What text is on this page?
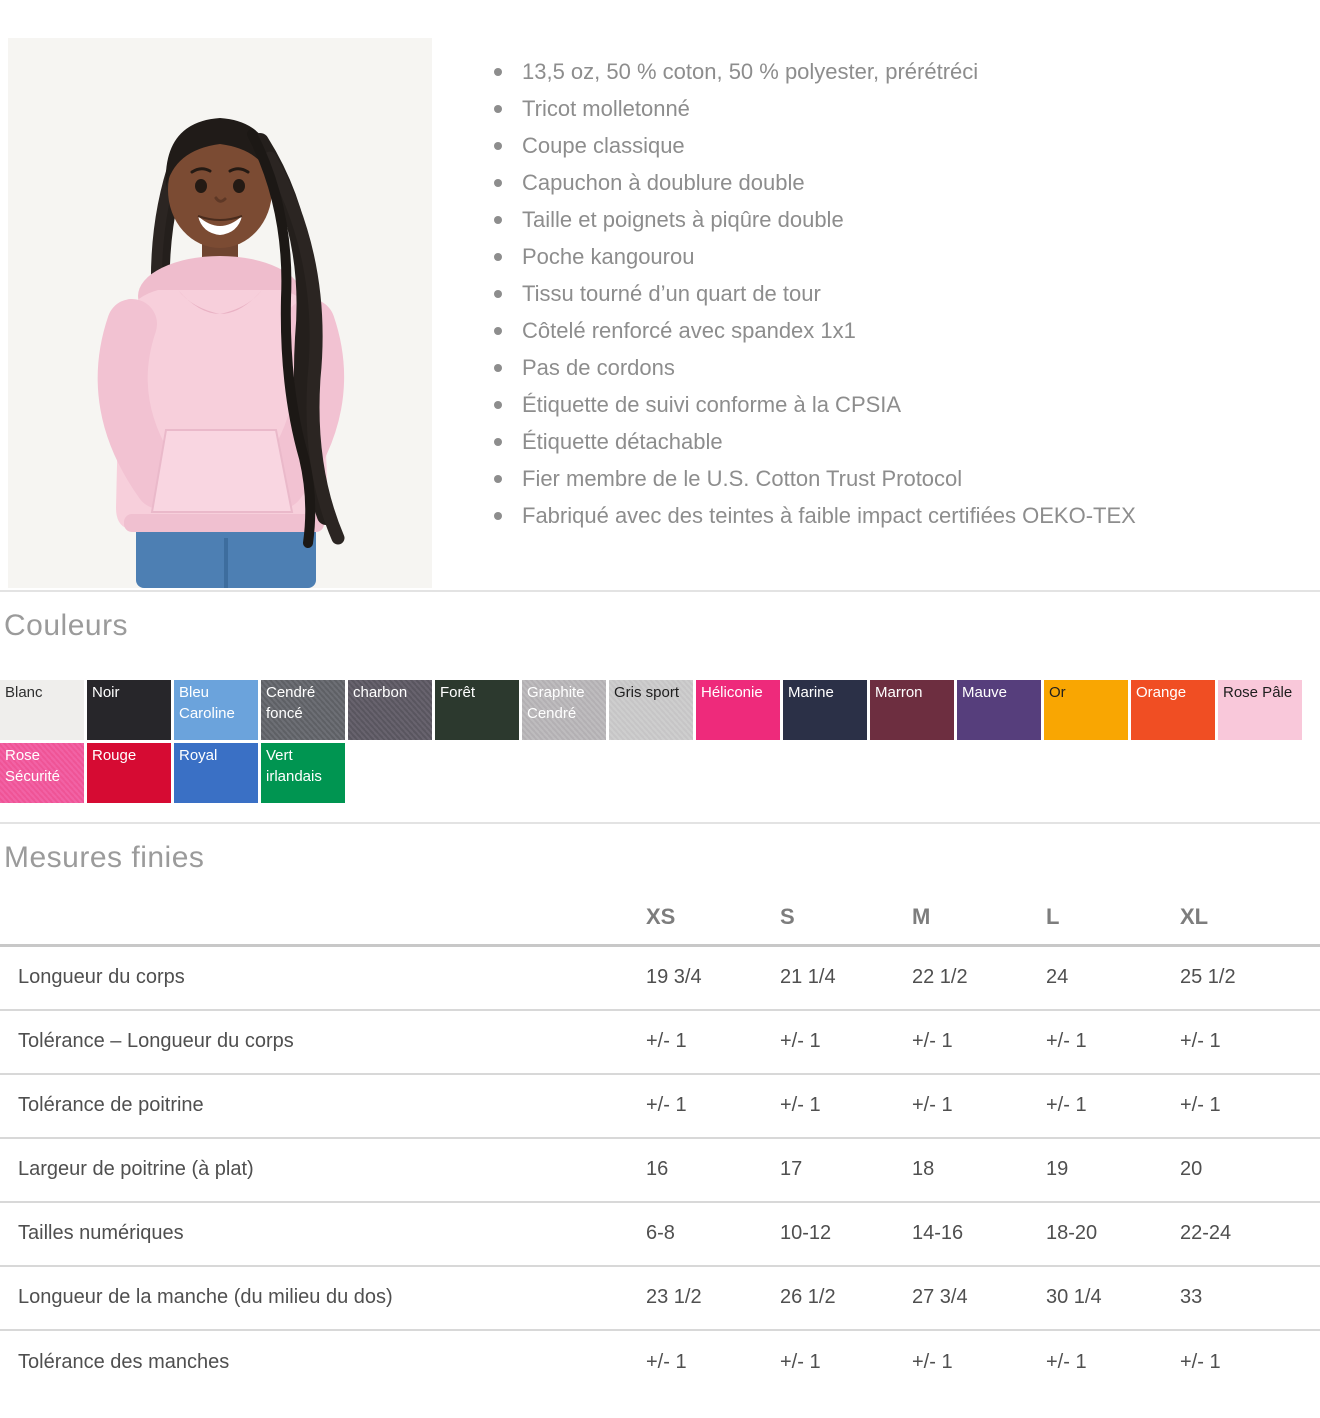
13,5 oz, 50 % coton, 50 % polyester, prérétréci
Tricot molletonné
Coupe classique
Capuchon à doublure double
Taille et poignets à piqûre double
Poche kangourou
Tissu tourné d’un quart de tour
Côtelé renforcé avec spandex 1x1
Pas de cordons
Étiquette de suivi conforme à la CPSIA
Étiquette détachable
Fier membre de le U.S. Cotton Trust Protocol
Fabriqué avec des teintes à faible impact certifiées OEKO-TEX
Couleurs
Blanc	Noir	Bleu Caroline
Cendré foncé
charbon	Forêt	Graphite Cendré
Gris sport	Héliconie	Marine	Marron	Mauve	Or	Orange	Rose Pâle
Rose Sécurité
Rouge	Royal	Vert irlandais
Mesures finies
	XS	S	M	L	XL
Longueur du corps	19 3/4	21 1/4	22 1/2	24	25 1/2
Tolérance – Longueur du corps	+/- 1	+/- 1	+/- 1	+/- 1	+/- 1
Tolérance de poitrine	+/- 1	+/- 1	+/- 1	+/- 1	+/- 1
Largeur de poitrine (à plat)	16	17	18	19	20
Tailles numériques	6-8	10-12	14-16	18-20	22-24
Longueur de la manche (du milieu du dos)	23 1/2	26 1/2	27 3/4	30 1/4	33
Tolérance des manches	+/- 1	+/- 1	+/- 1	+/- 1	+/- 1
